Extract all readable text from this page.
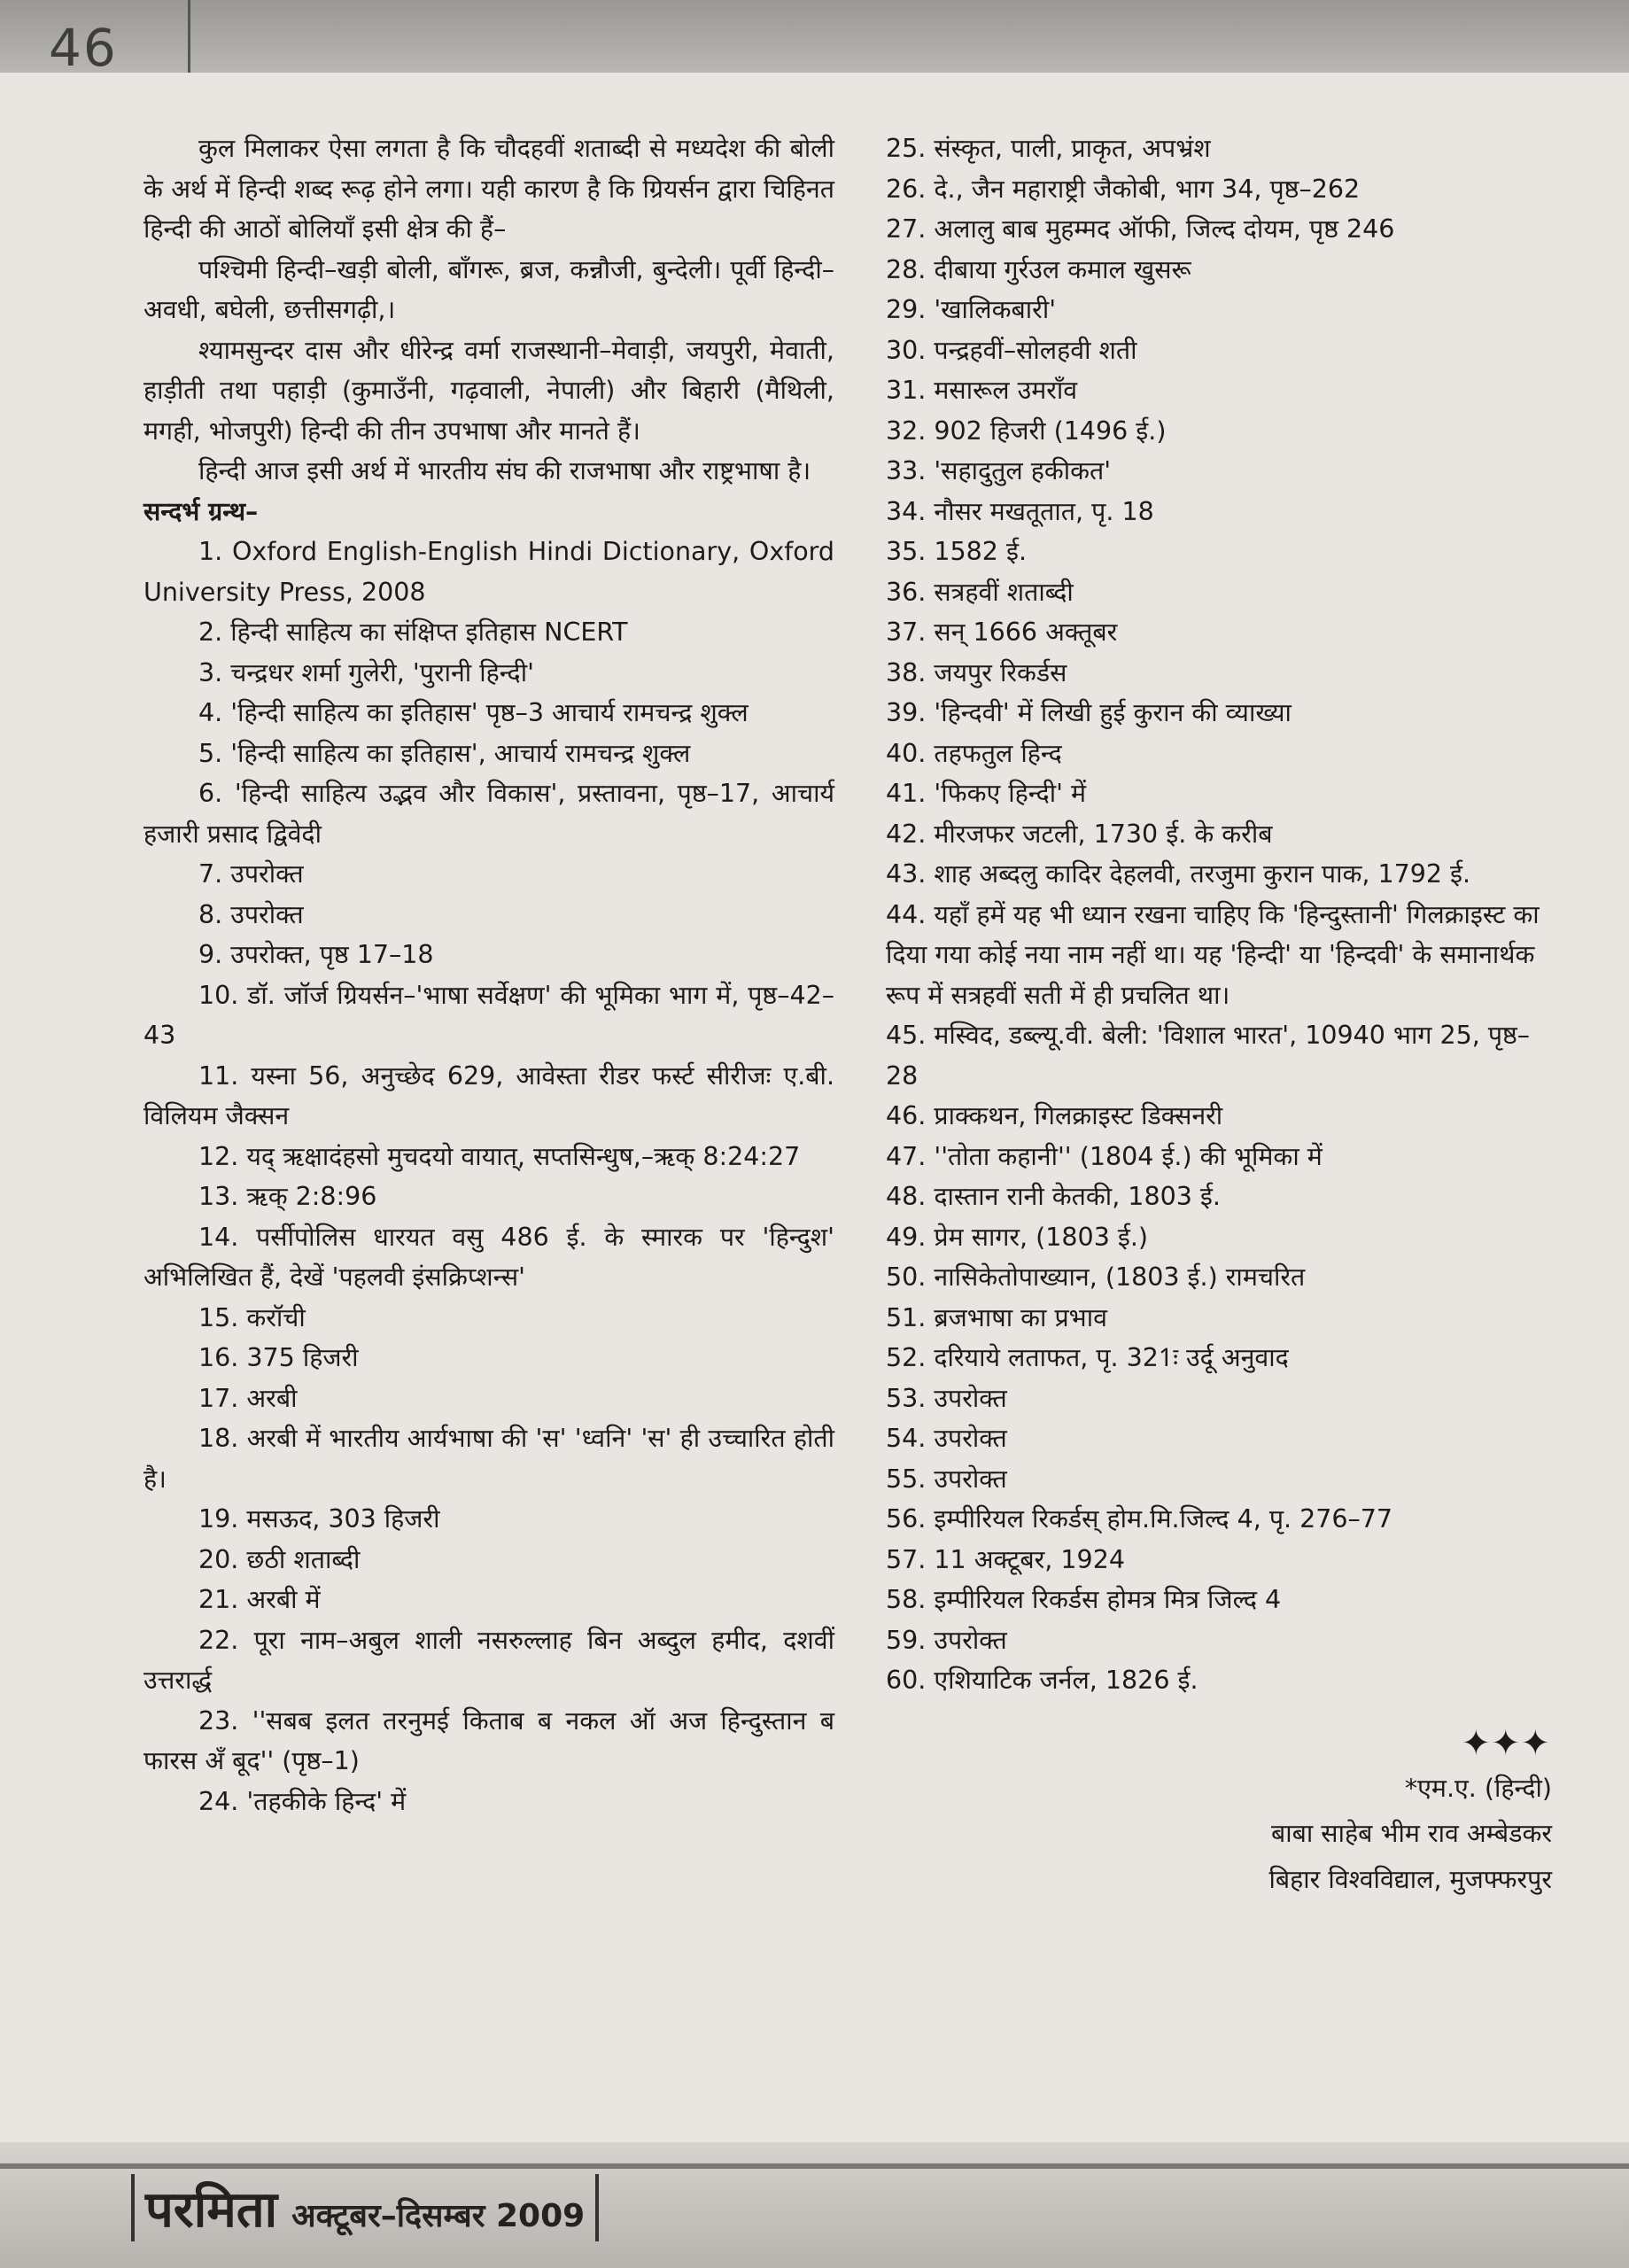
46

कुल मिलाकर ऐसा लगता है कि चौदहवीं शताब्दी से मध्यदेश की बोली के अर्थ में हिन्दी शब्द रूढ़ होने लगा। यही कारण है कि ग्रियर्सन द्वारा चिहिनत हिन्दी की आठों बोलियाँ इसी क्षेत्र की हैं–

पश्चिमी हिन्दी–खड़ी बोली, बाँगरू, ब्रज, कन्नौजी, बुन्देली। पूर्वी हिन्दी– अवधी, बघेली, छत्तीसगढ़ी,।

श्यामसुन्दर दास और धीरेन्द्र वर्मा राजस्थानी–मेवाड़ी, जयपुरी, मेवाती, हाड़ीती तथा पहाड़ी (कुमाउँनी, गढ़वाली, नेपाली) और बिहारी (मैथिली, मगही, भोजपुरी) हिन्दी की तीन उपभाषा और मानते हैं।

हिन्दी आज इसी अर्थ में भारतीय संघ की राजभाषा और राष्ट्रभाषा है।

सन्दर्भ ग्रन्थ–

1. Oxford English-English Hindi Dictionary, Oxford University Press, 2008

2. हिन्दी साहित्य का संक्षिप्त इतिहास NCERT

3. चन्द्रधर शर्मा गुलेरी, 'पुरानी हिन्दी'

4. 'हिन्दी साहित्य का इतिहास' पृष्ठ–3 आचार्य रामचन्द्र शुक्ल

5. 'हिन्दी साहित्य का इतिहास', आचार्य रामचन्द्र शुक्ल

6. 'हिन्दी साहित्य उद्भव और विकास', प्रस्तावना, पृष्ठ–17, आचार्य हजारी प्रसाद द्विवेदी

7. उपरोक्त

8. उपरोक्त

9. उपरोक्त, पृष्ठ 17–18

10. डॉ. जॉर्ज ग्रियर्सन–'भाषा सर्वेक्षण' की भूमिका भाग में, पृष्ठ–42–43

11. यस्ना 56, अनुच्छेद 629, आवेस्ता रीडर फर्स्ट सीरीजः ए.बी. विलियम जैक्सन

12. यद् ऋक्षादंहसो मुचदयो वायात्, सप्तसिन्धुष,–ऋक् 8:24:27

13. ऋक् 2:8:96

14. पर्सीपोलिस धारयत वसु 486 ई. के स्मारक पर 'हिन्दुश' अभिलिखित हैं, देखें 'पहलवी इंसक्रिप्शन्स'

15. करॉची

16. 375 हिजरी

17. अरबी

18. अरबी में भारतीय आर्यभाषा की 'स' 'ध्वनि' 'स' ही उच्चारित होती है।

19. मसऊद, 303 हिजरी

20. छठी शताब्दी

21. अरबी में

22. पूरा नाम–अबुल शाली नसरुल्लाह बिन अब्दुल हमीद, दशवीं उत्तरार्द्ध

23. ''सबब इलत तरनुमई किताब ब नकल ऑ अज हिन्दुस्तान ब फारस अँ बूद'' (पृष्ठ–1)

24. 'तहकीके हिन्द' में

25. संस्कृत, पाली, प्राकृत, अपभ्रंश

26. दे., जैन महाराष्ट्री जैकोबी, भाग 34, पृष्ठ–262

27. अलालु बाब मुहम्मद ऑफी, जिल्द दोयम, पृष्ठ 246

28. दीबाया गुर्रउल कमाल खुसरू

29. 'खालिकबारी'

30. पन्द्रहवीं–सोलहवी शती

31. मसारूल उमराँव

32. 902 हिजरी (1496 ई.)

33. 'सहादुतुल हकीकत'

34. नौसर मखतूतात, पृ. 18

35. 1582 ई.

36. सत्रहवीं शताब्दी

37. सन् 1666 अक्तूबर

38. जयपुर रिकर्डस

39. 'हिन्दवी' में लिखी हुई कुरान की व्याख्या

40. तहफतुल हिन्द

41. 'फिकए हिन्दी' में

42. मीरजफर जटली, 1730 ई. के करीब

43. शाह अब्दलु कादिर देहलवी, तरजुमा कुरान पाक, 1792 ई.

44. यहाँ हमें यह भी ध्यान रखना चाहिए कि 'हिन्दुस्तानी' गिलक्राइस्ट का दिया गया कोई नया नाम नहीं था। यह 'हिन्दी' या 'हिन्दवी' के समानार्थक रूप में सत्रहवीं सती में ही प्रचलित था।

45. मस्विद, डब्ल्यू.वी. बेली: 'विशाल भारत', 10940 भाग 25, पृष्ठ–28

46. प्राक्कथन, गिलक्राइस्ट डिक्सनरी

47. ''तोता कहानी'' (1804 ई.) की भूमिका में

48. दास्तान रानी केतकी, 1803 ई.

49. प्रेम सागर, (1803 ई.)

50. नासिकेतोपाख्यान, (1803 ई.) रामचरित

51. ब्रजभाषा का प्रभाव

52. दरियाये लताफत, पृ. 321ः उर्दू अनुवाद

53. उपरोक्त

54. उपरोक्त

55. उपरोक्त

56. इम्पीरियल रिकर्डस् होम.मि.जिल्द 4, पृ. 276–77

57. 11 अक्टूबर, 1924

58. इम्पीरियल रिकर्डस होमत्र मित्र जिल्द 4

59. उपरोक्त

60. एशियाटिक जर्नल, 1826 ई.

✦✦✦
*एम.ए. (हिन्दी)
बाबा साहेब भीम राव अम्बेडकर
बिहार विश्वविद्याल, मुजफ्फरपुर
परमिता अक्टूबर–दिसम्बर 2009
